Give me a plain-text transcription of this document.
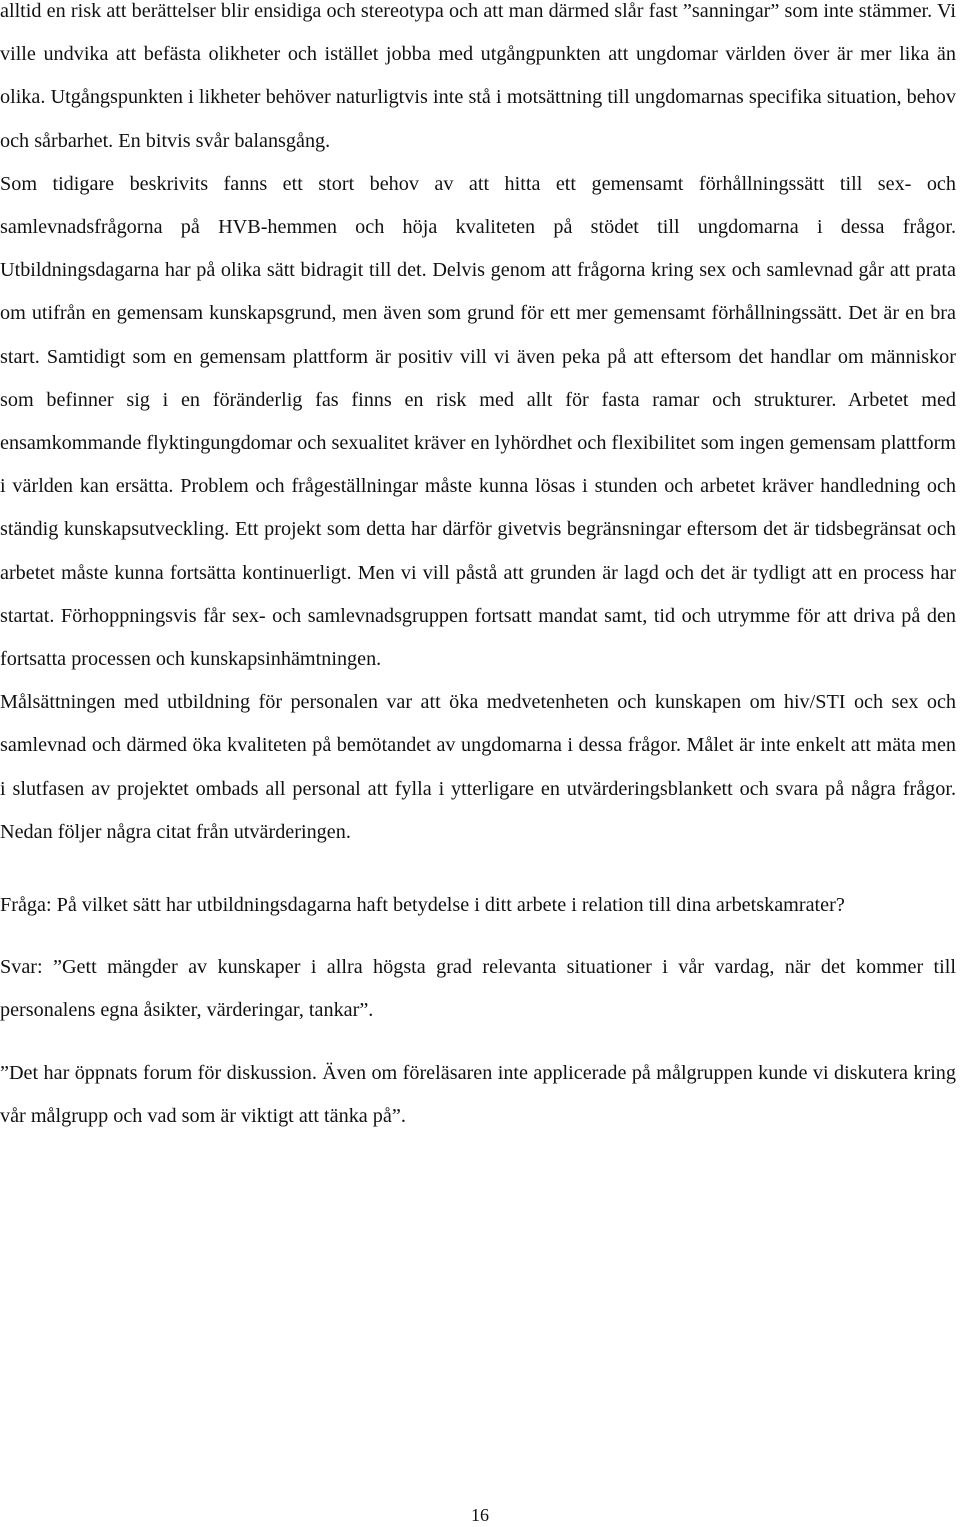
alltid en risk att berättelser blir ensidiga och stereotypa och att man därmed slår fast ”sanningar” som inte stämmer. Vi ville undvika att befästa olikheter och istället jobba med utgångpunkten att ungdomar världen över är mer lika än olika. Utgångspunkten i likheter behöver naturligtvis inte stå i motsättning till ungdomarnas specifika situation, behov och sårbarhet. En bitvis svår balansgång.

Som tidigare beskrivits fanns ett stort behov av att hitta ett gemensamt förhållningssätt till sex- och samlevnadsfrågorna på HVB-hemmen och höja kvaliteten på stödet till ungdomarna i dessa frågor. Utbildningsdagarna har på olika sätt bidragit till det. Delvis genom att frågorna kring sex och samlevnad går att prata om utifrån en gemensam kunskapsgrund, men även som grund för ett mer gemensamt förhållningssätt. Det är en bra start. Samtidigt som en gemensam plattform är positiv vill vi även peka på att eftersom det handlar om människor som befinner sig i en föränderlig fas finns en risk med allt för fasta ramar och strukturer. Arbetet med ensamkommande flyktingungdomar och sexualitet kräver en lyhördhet och flexibilitet som ingen gemensam plattform i världen kan ersätta. Problem och frågeställningar måste kunna lösas i stunden och arbetet kräver handledning och ständig kunskapsutveckling. Ett projekt som detta har därför givetvis begränsningar eftersom det är tidsbegränsat och arbetet måste kunna fortsätta kontinuerligt. Men vi vill påstå att grunden är lagd och det är tydligt att en process har startat. Förhoppningsvis får sex- och samlevnadsgruppen fortsatt mandat samt, tid och utrymme för att driva på den fortsatta processen och kunskapsinhämtningen.

Målsättningen med utbildning för personalen var att öka medvetenheten och kunskapen om hiv/STI och sex och samlevnad och därmed öka kvaliteten på bemötandet av ungdomarna i dessa frågor. Målet är inte enkelt att mäta men i slutfasen av projektet ombads all personal att fylla i ytterligare en utvärderingsblankett och svara på några frågor. Nedan följer några citat från utvärderingen.

Fråga: På vilket sätt har utbildningsdagarna haft betydelse i ditt arbete i relation till dina arbetskamrater?

Svar: ”Gett mängder av kunskaper i allra högsta grad relevanta situationer i vår vardag, när det kommer till personalens egna åsikter, värderingar, tankar”.

”Det har öppnats forum för diskussion. Även om föreläsaren inte applicerade på målgruppen kunde vi diskutera kring vår målgrupp och vad som är viktigt att tänka på”.

16
